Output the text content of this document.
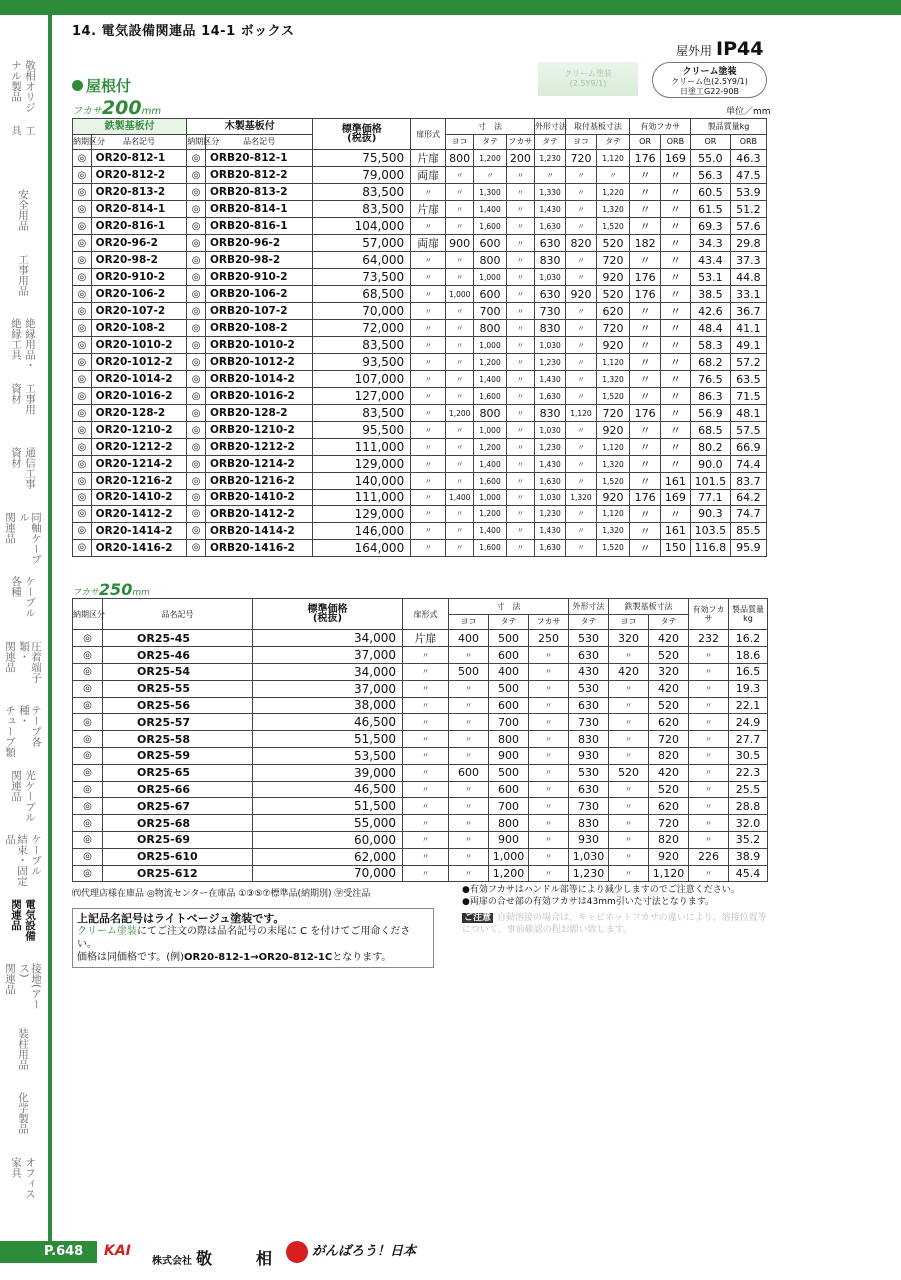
14. 電気設備関連品 14-1 ボックス
敬相オリジ
ナル製品
工
具
安全用品
工事用品
絶縁用品・
絶縁工具
工事用
資材
通信工事
資材
同軸ケーブル
関連品
ケーブル
各種
圧着端子類・
関連品
テープ各種・
チューブ類
光ケーブル
関連品
ケーブル
結束・固定品
電気設備
関連品
接地(アース)
関連品
装柱用品
化学製品
オフィス
家具
屋外用 IP44
屋根付
フカサ200mm
クリーム塗装
(2.5Y9/1)
クリーム塗装
クリーム色(2.5Y9/1)
日塗工G22-90B
単位／mm
鉄製基板付		木製基板付		標準価格
(税抜)	扉形式	寸　法			外形寸法	取付基板寸法		有効フカサ		製品質量kg	
納期区分	品名記号	納期区分	品名記号			ヨコ	タテ	フカサ	タテ	ヨコ	タテ	OR	ORB	OR	ORB
◎	OR20-812-1	◎	ORB20-812-1	75,500	片扉	800	1,200	200	1,230	720	1,120	176	169	55.0	46.3
◎	OR20-812-2	◎	ORB20-812-2	79,000	両扉	〃	〃	〃	〃	〃	〃	〃	〃	56.3	47.5
◎	OR20-813-2	◎	ORB20-813-2	83,500	〃	〃	1,300	〃	1,330	〃	1,220	〃	〃	60.5	53.9
◎	OR20-814-1	◎	ORB20-814-1	83,500	片扉	〃	1,400	〃	1,430	〃	1,320	〃	〃	61.5	51.2
◎	OR20-816-1	◎	ORB20-816-1	104,000	〃	〃	1,600	〃	1,630	〃	1,520	〃	〃	69.3	57.6
◎	OR20-96-2	◎	ORB20-96-2	57,000	両扉	900	600	〃	630	820	520	182	〃	34.3	29.8
◎	OR20-98-2	◎	ORB20-98-2	64,000	〃	〃	800	〃	830	〃	720	〃	〃	43.4	37.3
◎	OR20-910-2	◎	ORB20-910-2	73,500	〃	〃	1,000	〃	1,030	〃	920	176	〃	53.1	44.8
◎	OR20-106-2	◎	ORB20-106-2	68,500	〃	1,000	600	〃	630	920	520	176	〃	38.5	33.1
◎	OR20-107-2	◎	ORB20-107-2	70,000	〃	〃	700	〃	730	〃	620	〃	〃	42.6	36.7
◎	OR20-108-2	◎	ORB20-108-2	72,000	〃	〃	800	〃	830	〃	720	〃	〃	48.4	41.1
◎	OR20-1010-2	◎	ORB20-1010-2	83,500	〃	〃	1,000	〃	1,030	〃	920	〃	〃	58.3	49.1
◎	OR20-1012-2	◎	ORB20-1012-2	93,500	〃	〃	1,200	〃	1,230	〃	1,120	〃	〃	68.2	57.2
◎	OR20-1014-2	◎	ORB20-1014-2	107,000	〃	〃	1,400	〃	1,430	〃	1,320	〃	〃	76.5	63.5
◎	OR20-1016-2	◎	ORB20-1016-2	127,000	〃	〃	1,600	〃	1,630	〃	1,520	〃	〃	86.3	71.5
◎	OR20-128-2	◎	ORB20-128-2	83,500	〃	1,200	800	〃	830	1,120	720	176	〃	56.9	48.1
◎	OR20-1210-2	◎	ORB20-1210-2	95,500	〃	〃	1,000	〃	1,030	〃	920	〃	〃	68.5	57.5
◎	OR20-1212-2	◎	ORB20-1212-2	111,000	〃	〃	1,200	〃	1,230	〃	1,120	〃	〃	80.2	66.9
◎	OR20-1214-2	◎	ORB20-1214-2	129,000	〃	〃	1,400	〃	1,430	〃	1,320	〃	〃	90.0	74.4
◎	OR20-1216-2	◎	ORB20-1216-2	140,000	〃	〃	1,600	〃	1,630	〃	1,520	〃	161	101.5	83.7
◎	OR20-1410-2	◎	ORB20-1410-2	111,000	〃	1,400	1,000	〃	1,030	1,320	920	176	169	77.1	64.2
◎	OR20-1412-2	◎	ORB20-1412-2	129,000	〃	〃	1,200	〃	1,230	〃	1,120	〃	〃	90.3	74.7
◎	OR20-1414-2	◎	ORB20-1414-2	146,000	〃	〃	1,400	〃	1,430	〃	1,320	〃	161	103.5	85.5
◎	OR20-1416-2	◎	ORB20-1416-2	164,000	〃	〃	1,600	〃	1,630	〃	1,520	〃	150	116.8	95.9
フカサ250mm
納期区分	品名記号	標準価格
(税抜)	扉形式	寸　法			外形寸法	鉄製基板寸法		有効フカサ	製品質量kg
				ヨコ	タテ	フカサ	タテ	ヨコ	タテ		
◎	OR25-45	34,000	片扉	400	500	250	530	320	420	232	16.2
◎	OR25-46	37,000	〃	〃	600	〃	630	〃	520	〃	18.6
◎	OR25-54	34,000	〃	500	400	〃	430	420	320	〃	16.5
◎	OR25-55	37,000	〃	〃	500	〃	530	〃	420	〃	19.3
◎	OR25-56	38,000	〃	〃	600	〃	630	〃	520	〃	22.1
◎	OR25-57	46,500	〃	〃	700	〃	730	〃	620	〃	24.9
◎	OR25-58	51,500	〃	〃	800	〃	830	〃	720	〃	27.7
◎	OR25-59	53,500	〃	〃	900	〃	930	〃	820	〃	30.5
◎	OR25-65	39,000	〃	600	500	〃	530	520	420	〃	22.3
◎	OR25-66	46,500	〃	〃	600	〃	630	〃	520	〃	25.5
◎	OR25-67	51,500	〃	〃	700	〃	730	〃	620	〃	28.8
◎	OR25-68	55,000	〃	〃	800	〃	830	〃	720	〃	32.0
◎	OR25-69	60,000	〃	〃	900	〃	930	〃	820	〃	35.2
◎	OR25-610	62,000	〃	〃	1,000	〃	1,030	〃	920	226	38.9
◎	OR25-612	70,000	〃	〃	1,200	〃	1,230	〃	1,120	〃	45.4
㈹代理店様在庫品 ◎物流センター在庫品 ①③⑤⑦標準品(納期別) ㊫受注品	●有効フカサはハンドル部等により減少しますのでご注意ください。
●両扉の合せ部の有効フカサは43mm引いた寸法となります。
ご注意 自動溶接の場合は、キャビネットフカサの違いにより、溶接位置等について、事前確認の程お願い致します。
上記品名記号はライトベージュ塗装です。
クリーム塗装にてご注文の際は品名記号の末尾に C を付けてご用命ください。
価格は同価格です。(例)OR20-812-1→OR20-812-1Cとなります。
P.648	KAI
株式会社 敬	相	がんばろう！日本
